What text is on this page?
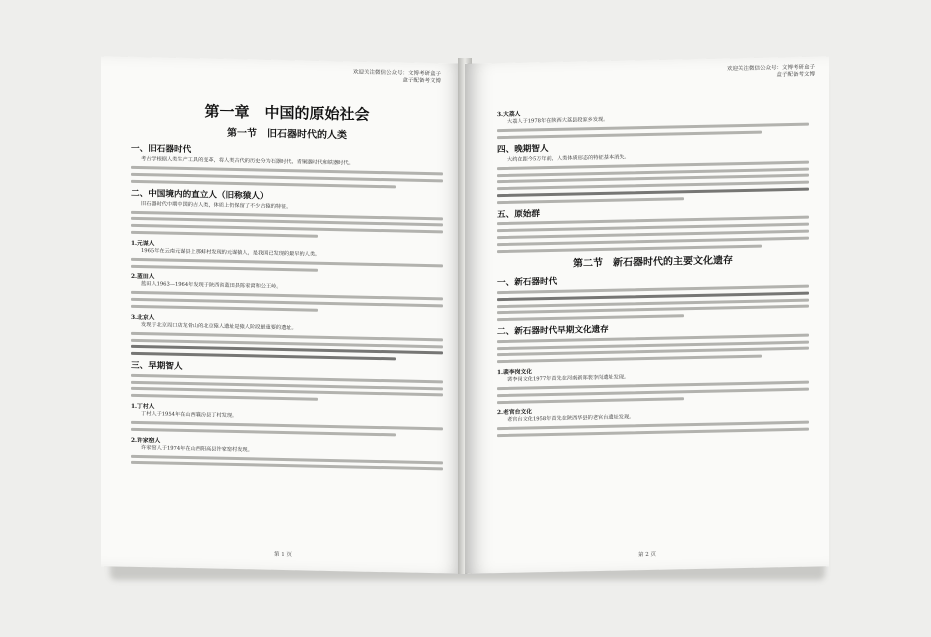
欢迎关注微信公众号：文博考研盒子
盒子配备考文博
第一章　中国的原始社会
第一节　旧石器时代的人类
一、旧石器时代

考古学根据人类生产工具的变革，将人类古代的历史分为石器时代、青铜器时代和铁器时代。

二、中国境内的直立人（旧称猿人）

旧石器时代中期中国的古人类，体质上仍保留了不少古猿的特征。

1.元谋人

1965年在云南元谋县上那蚌村发现的元谋猿人，是我国已发现的最早的人类。

2.蓝田人

蓝田人1963—1964年发现于陕西省蓝田县陈家窝和公王岭。

3.北京人

发现于北京周口店龙骨山的北京猿人遗址是猿人阶段最重要的遗址。

三、早期智人
1.丁村人

丁村人于1954年在山西襄汾县丁村发现。

2.许家窑人

许家窑人于1974年在山西阳高县许家窑村发现。

第 1 页
欢迎关注微信公众号：文博考研盒子
盒子配备考文博
3.大荔人

大荔人于1978年在陕西大荔县段家乡发现。

四、晚期智人

大约在距今5万年前，人类体质形态的特征基本消失。

五、原始群
第二节　新石器时代的主要文化遗存
一、新石器时代
二、新石器时代早期文化遗存
1.裴李岗文化

裴李岗文化1977年首先在河南新郑裴李岗遗址发现。

2.老官台文化

老官台文化1958年首先在陕西华县的老官台遗址发现。

第 2 页
